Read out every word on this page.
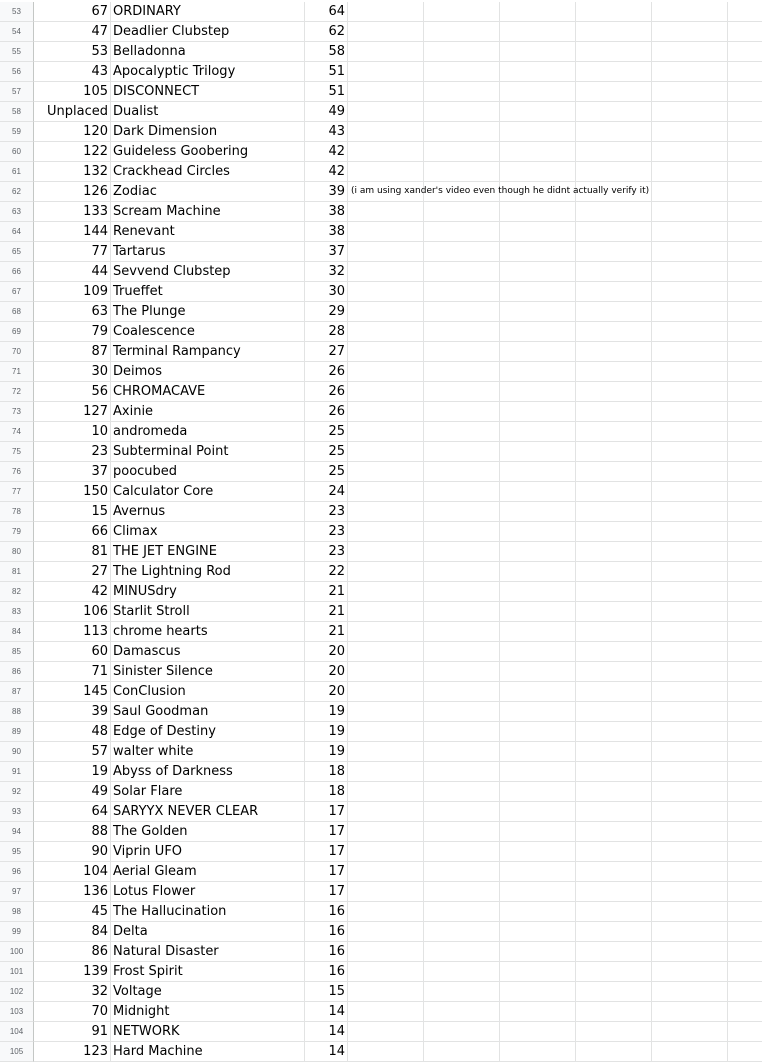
53	67 ORDINARY	64
54	47 Deadlier Clubstep	62
55	53 Belladonna	58
56	43 Apocalyptic Trilogy	51
57	105 DISCONNECT	51
58	Unplaced Dualist	49
59	120 Dark Dimension	43
60	122 Guideless Goobering	42
61	132 Crackhead Circles	42
62	126 Zodiac	39 (i am using xander's video even though he didnt actually verify it)
63	133 Scream Machine	38
64	144 Renevant	38
65	77 Tartarus	37
66	44 Sevvend Clubstep	32
67	109 Trueffet	30
68	63 The Plunge	29
69	79 Coalescence	28
70	87 Terminal Rampancy	27
71	30 Deimos	26
72	56 CHROMACAVE	26
73	127 Axinie	26
74	10 andromeda	25
75	23 Subterminal Point	25
76	37 poocubed	25
77	150 Calculator Core	24
78	15 Avernus	23
79	66 Climax	23
80	81 THE JET ENGINE	23
81	27 The Lightning Rod	22
82	42 MINUSdry	21
83	106 Starlit Stroll	21
84	113 chrome hearts	21
85	60 Damascus	20
86	71 Sinister Silence	20
87	145 ConClusion	20
88	39 Saul Goodman	19
89	48 Edge of Destiny	19
90	57 walter white	19
91	19 Abyss of Darkness	18
92	49 Solar Flare	18
93	64 SARYYX NEVER CLEAR	17
94	88 The Golden	17
95	90 Viprin UFO	17
96	104 Aerial Gleam	17
97	136 Lotus Flower	17
98	45 The Hallucination	16
99	84 Delta	16
100	86 Natural Disaster	16
101	139 Frost Spirit	16
102	32 Voltage	15
103	70 Midnight	14
104	91 NETWORK	14
105	123 Hard Machine	14
